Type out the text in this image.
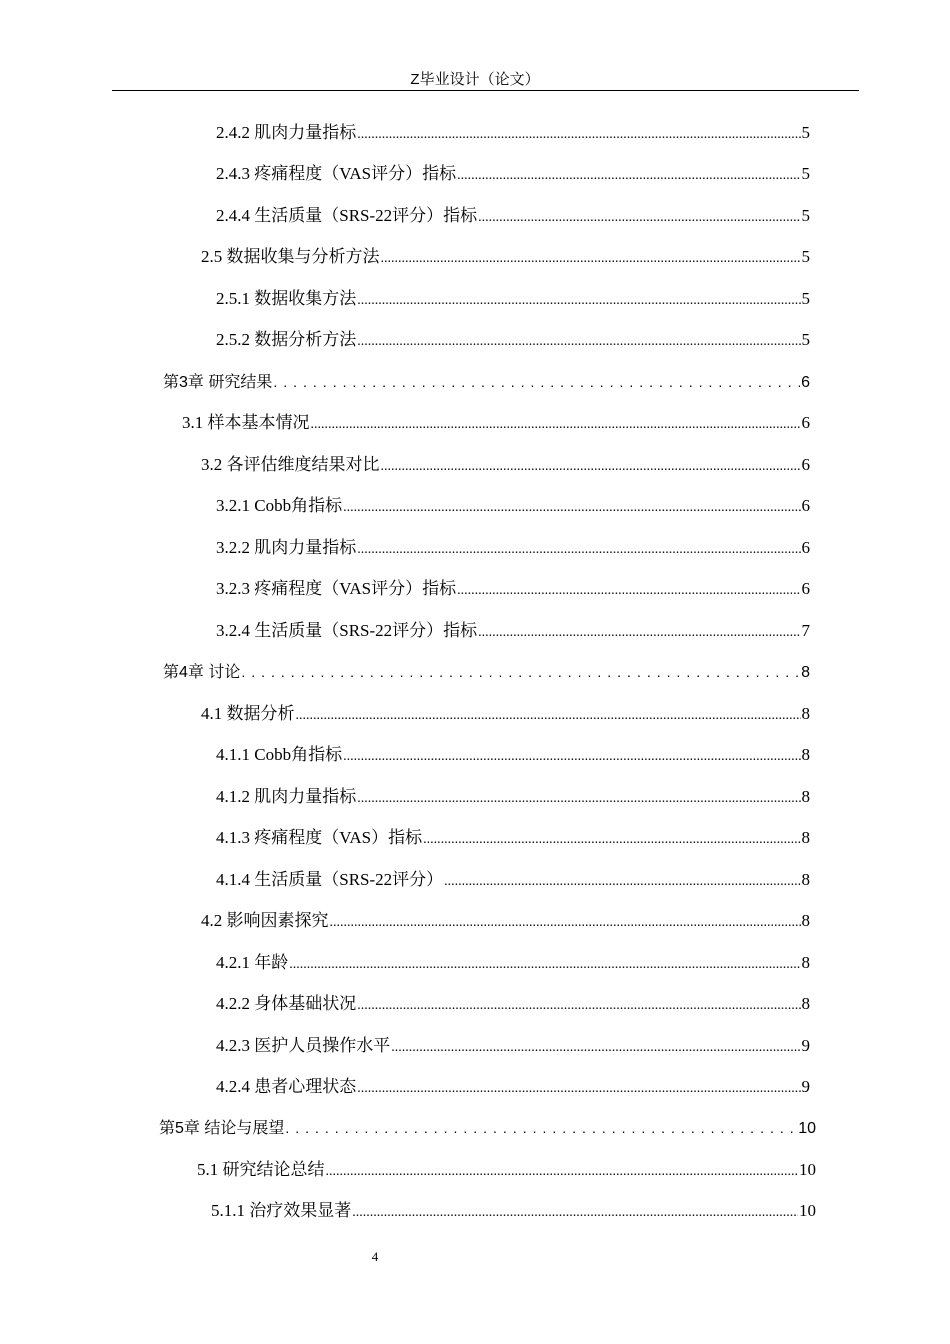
Z毕业设计（论文）
2.4.2 肌肉力量指标 .....	5
2.4.3 疼痛程度（VAS评分）指标 .....	5
2.4.4 生活质量（SRS-22评分）指标 .....	5
2.5 数据收集与分析方法 .....	5
2.5.1 数据收集方法 .....	5
2.5.2 数据分析方法 .....	5
第3章 研究结果 .....	6
3.1 样本基本情况 .....	6
3.2 各评估维度结果对比 .....	6
3.2.1 Cobb角指标 .....	6
3.2.2 肌肉力量指标 .....	6
3.2.3 疼痛程度（VAS评分）指标 .....	6
3.2.4 生活质量（SRS-22评分）指标 .....	7
第4章 讨论 .....	8
4.1 数据分析 .....	8
4.1.1 Cobb角指标 .....	8
4.1.2 肌肉力量指标 .....	8
4.1.3 疼痛程度（VAS）指标 .....	8
4.1.4 生活质量（SRS-22评分） .....	8
4.2 影响因素探究 .....	8
4.2.1 年龄 .....	8
4.2.2 身体基础状况 .....	8
4.2.3 医护人员操作水平 .....	9
4.2.4 患者心理状态 .....	9
第5章 结论与展望 .....	10
5.1 研究结论总结 .....	10
5.1.1 治疗效果显著 .....	10
4
